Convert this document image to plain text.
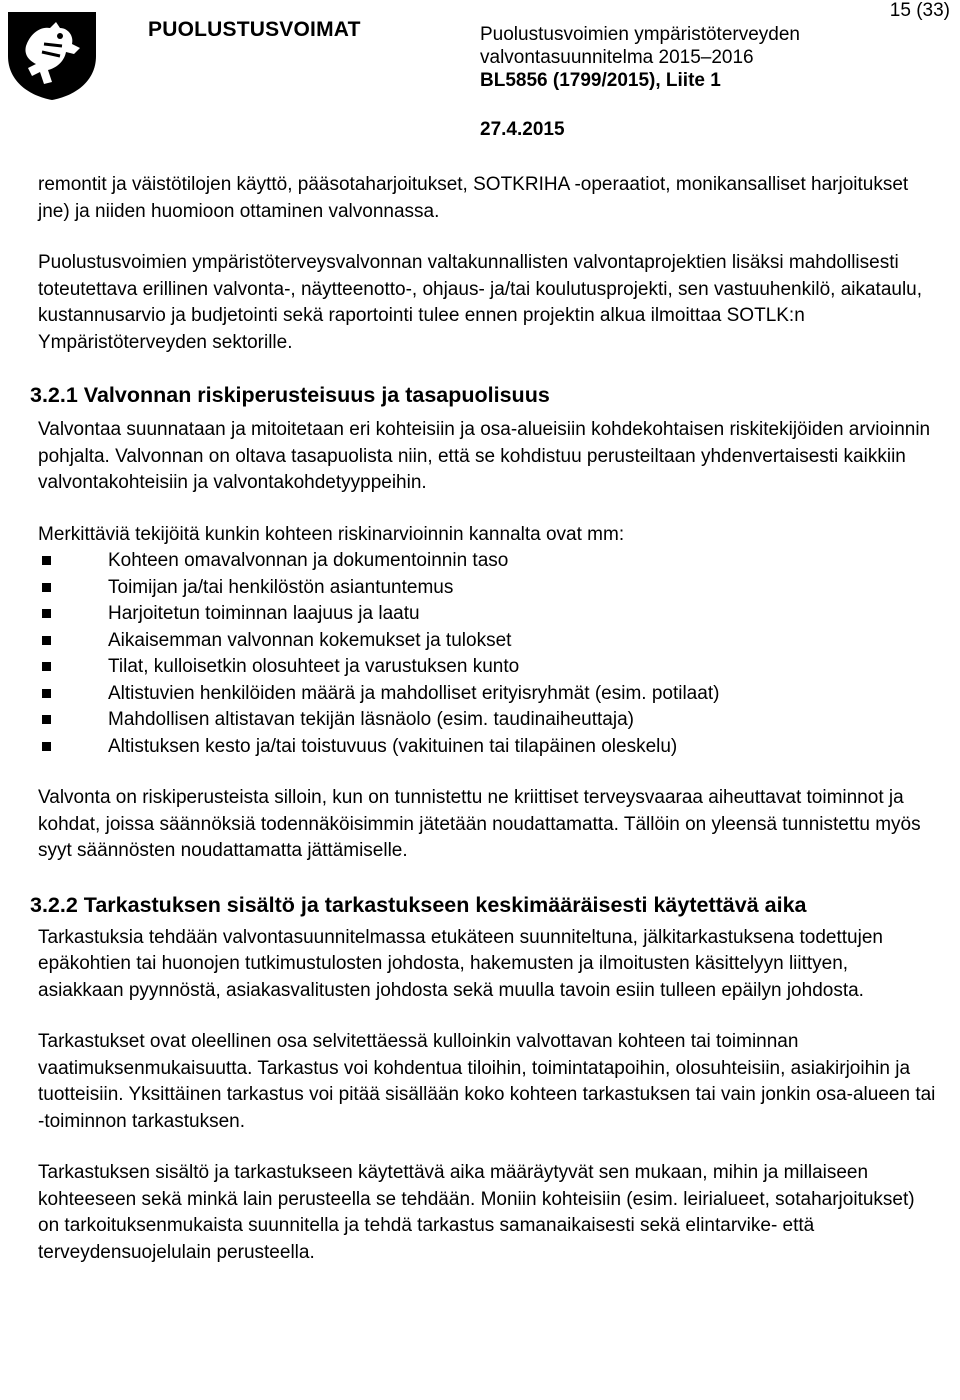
PUOLUSTUSVOIMAT	Puolustusvoimien ympäristöterveyden
valvontasuunnitelma 2015–2016
BL5856 (1799/2015), Liite 1
15 (33)
27.4.2015

remontit ja väistötilojen käyttö, pääsotaharjoitukset, SOTKRIHA -operaatiot, monikansalliset harjoitukset jne) ja niiden huomioon ottaminen valvonnassa.

Puolustusvoimien ympäristöterveysvalvonnan valtakunnallisten valvontaprojektien lisäksi mahdollisesti toteutettava erillinen valvonta-, näytteenotto-, ohjaus- ja/tai koulutusprojekti, sen vastuuhenkilö, aikataulu, kustannusarvio ja budjetointi sekä raportointi tulee ennen projektin alkua ilmoittaa SOTLK:n Ympäristöterveyden sektorille.

3.2.1 Valvonnan riskiperusteisuus ja tasapuolisuus

Valvontaa suunnataan ja mitoitetaan eri kohteisiin ja osa-alueisiin kohdekohtaisen riskitekijöiden arvioinnin pohjalta. Valvonnan on oltava tasapuolista niin, että se kohdistuu perusteiltaan yhdenvertaisesti kaikkiin valvontakohteisiin ja valvontakohdetyyppeihin.

Merkittäviä tekijöitä kunkin kohteen riskinarvioinnin kannalta ovat mm:

Kohteen omavalvonnan ja dokumentoinnin taso
Toimijan ja/tai henkilöstön asiantuntemus
Harjoitetun toiminnan laajuus ja laatu
Aikaisemman valvonnan kokemukset ja tulokset
Tilat, kulloisetkin olosuhteet ja varustuksen kunto
Altistuvien henkilöiden määrä ja mahdolliset erityisryhmät (esim. potilaat)
Mahdollisen altistavan tekijän läsnäolo (esim. taudinaiheuttaja)
Altistuksen kesto ja/tai toistuvuus (vakituinen tai tilapäinen oleskelu)

Valvonta on riskiperusteista silloin, kun on tunnistettu ne kriittiset terveysvaaraa aiheuttavat toiminnot ja kohdat, joissa säännöksiä todennäköisimmin jätetään noudattamatta. Tällöin on yleensä tunnistettu myös syyt säännösten noudattamatta jättämiselle.

3.2.2 Tarkastuksen sisältö ja tarkastukseen keskimääräisesti käytettävä aika

Tarkastuksia tehdään valvontasuunnitelmassa etukäteen suunniteltuna, jälkitarkastuksena todettujen epäkohtien tai huonojen tutkimustulosten johdosta, hakemusten ja ilmoitusten käsittelyyn liittyen, asiakkaan pyynnöstä, asiakasvalitusten johdosta sekä muulla tavoin esiin tulleen epäilyn johdosta.

Tarkastukset ovat oleellinen osa selvitettäessä kulloinkin valvottavan kohteen tai toiminnan vaatimuksenmukaisuutta. Tarkastus voi kohdentua tiloihin, toimintatapoihin, olosuhteisiin, asiakirjoihin ja tuotteisiin. Yksittäinen tarkastus voi pitää sisällään koko kohteen tarkastuksen tai vain jonkin osa-alueen tai -toiminnon tarkastuksen.

Tarkastuksen sisältö ja tarkastukseen käytettävä aika määräytyvät sen mukaan, mihin ja millaiseen kohteeseen sekä minkä lain perusteella se tehdään. Moniin kohteisiin (esim. leirialueet, sotaharjoitukset) on tarkoituksenmukaista suunnitella ja tehdä tarkastus samanaikaisesti sekä elintarvike- että terveydensuojelulain perusteella.
